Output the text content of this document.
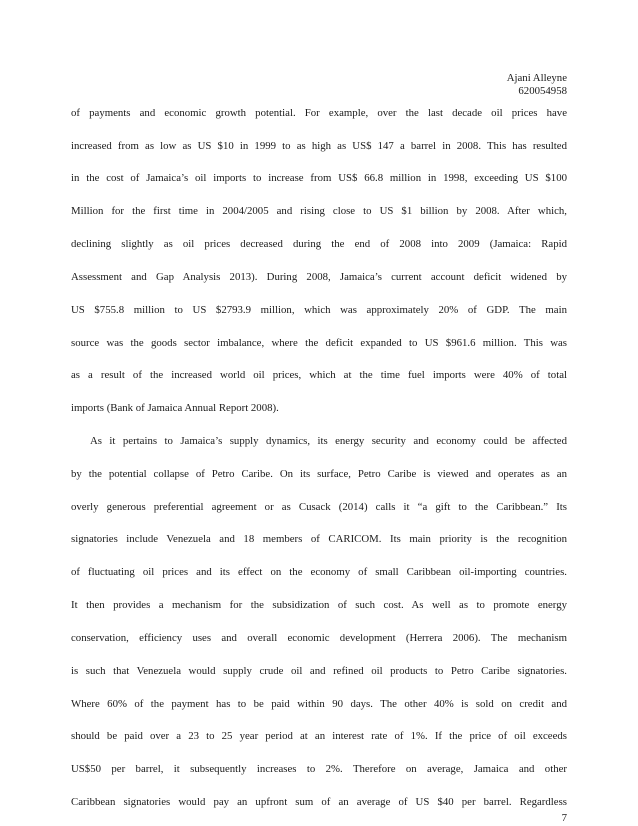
Ajani Alleyne
620054958
of payments and economic growth potential. For example, over the last decade oil prices have
increased from as low as US $10 in 1999 to as high as US$ 147 a barrel in 2008. This has resulted
in the cost of Jamaica’s oil imports to increase from US$ 66.8 million in 1998, exceeding US $100
Million for the first time in 2004/2005 and rising close to US $1 billion by 2008. After which,
declining slightly as oil prices decreased during the end of 2008 into 2009 (Jamaica: Rapid
Assessment and Gap Analysis 2013). During 2008, Jamaica’s current account deficit widened by
US $755.8 million to US $2793.9 million, which was approximately 20% of GDP. The main
source was the goods sector imbalance, where the deficit expanded to US $961.6 million. This was
as a result of the increased world oil prices, which at the time fuel imports were 40% of total
imports (Bank of Jamaica Annual Report 2008).
As it pertains to Jamaica’s supply dynamics, its energy security and economy could be affected
by the potential collapse of Petro Caribe. On its surface, Petro Caribe is viewed and operates as an
overly generous preferential agreement or as Cusack (2014) calls it “a gift to the Caribbean.” Its
signatories include Venezuela and 18 members of CARICOM. Its main priority is the recognition
of fluctuating oil prices and its effect on the economy of small Caribbean oil-importing countries.
It then provides a mechanism for the subsidization of such cost. As well as to promote energy
conservation, efficiency uses and overall economic development (Herrera 2006). The mechanism
is such that Venezuela would supply crude oil and refined oil products to Petro Caribe signatories.
Where 60% of the payment has to be paid within 90 days. The other 40% is sold on credit and
should be paid over a 23 to 25 year period at an interest rate of 1%. If the price of oil exceeds
US$50 per barrel, it subsequently increases to 2%. Therefore on average, Jamaica and other
Caribbean signatories would pay an upfront sum of an average of US $40 per barrel. Regardless
7
